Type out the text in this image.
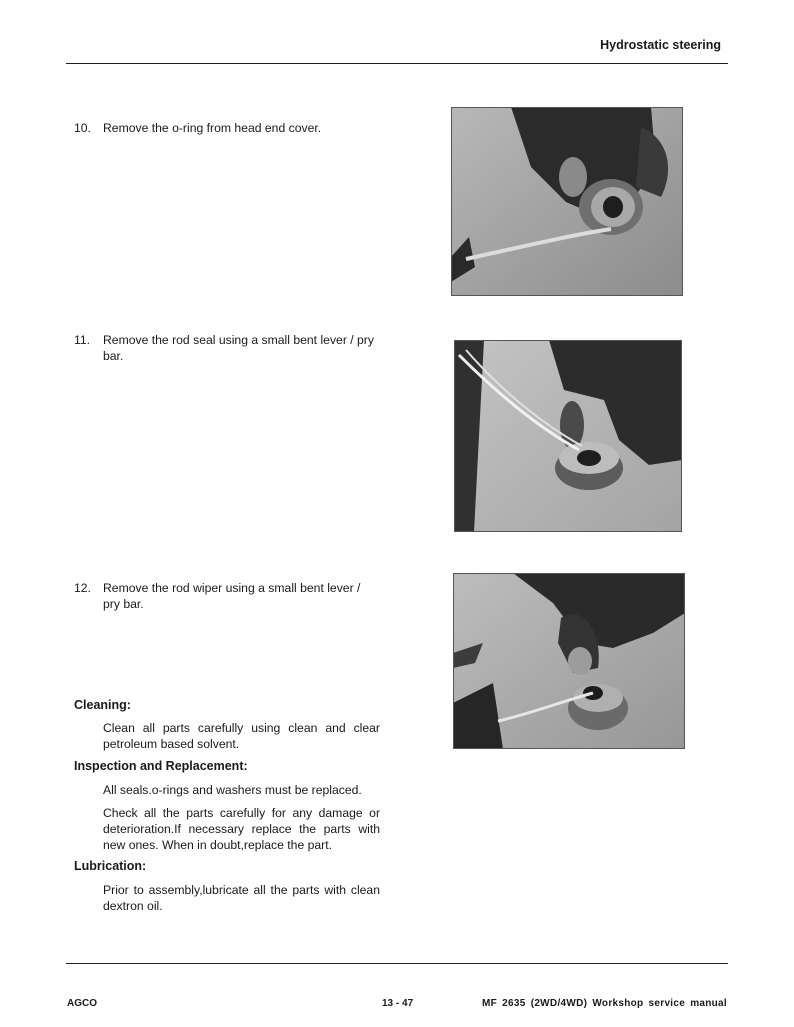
Hydrostatic steering
10. Remove the o-ring from head end cover.
11. Remove the rod seal using a small bent lever / pry bar.
12. Remove the rod wiper using a small bent lever / pry bar.
Cleaning:
Clean all parts carefully using clean and clear petroleum based solvent.
Inspection and Replacement:
All seals.o-rings and washers must be replaced.
Check all the parts carefully for any damage or deterioration.If necessary replace the parts with new ones. When in doubt,replace the part.
Lubrication:
Prior to assembly,lubricate all the parts with clean dextron oil.
AGCO	13 - 47	MF 2635 (2WD/4WD) Workshop service manual
